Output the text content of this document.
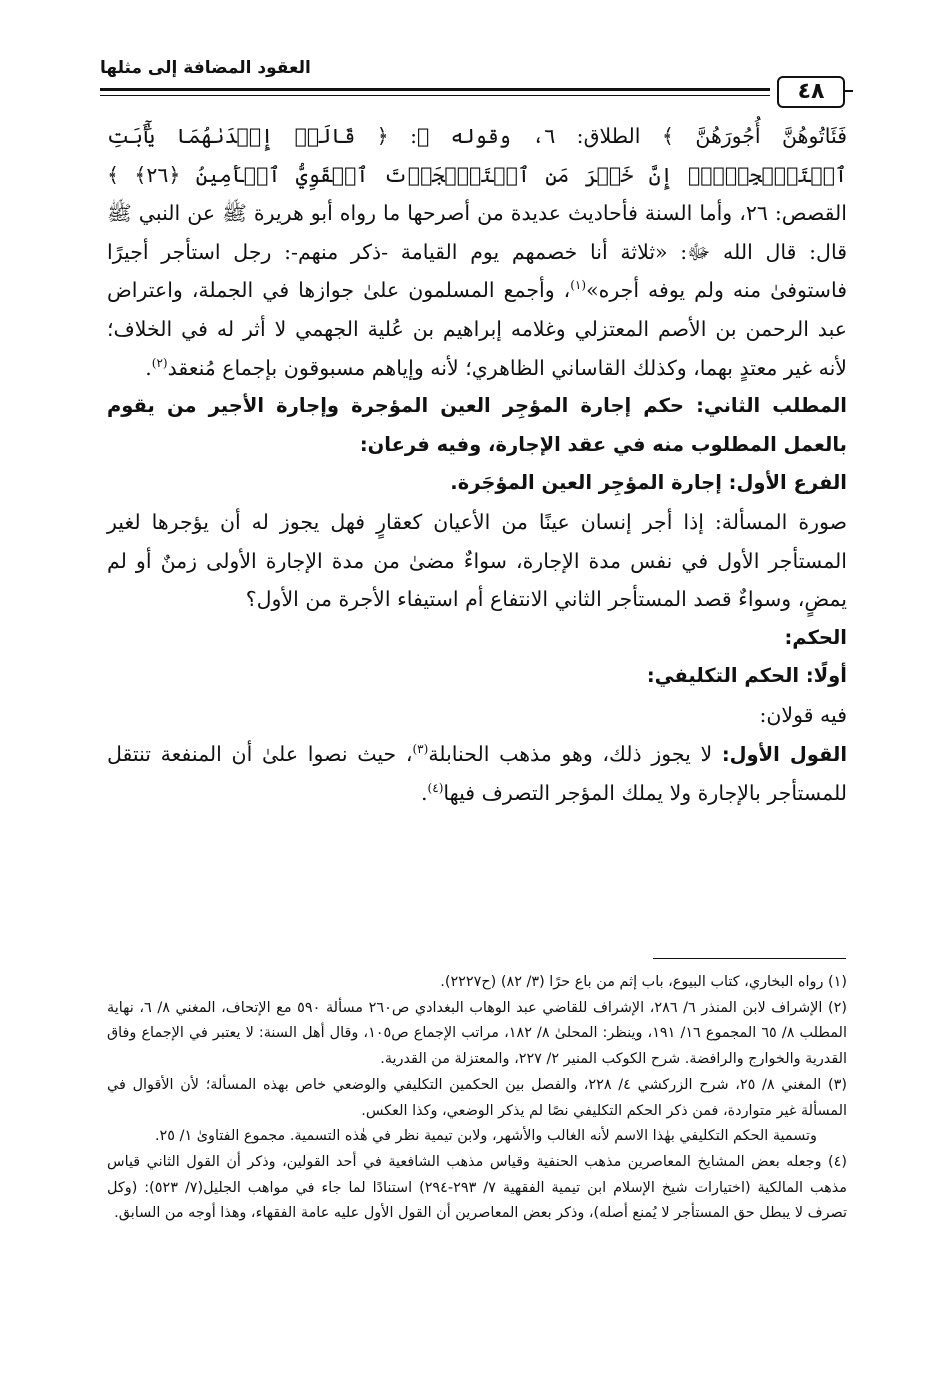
العقود المضافة إلى مثلها
٤٨

فَئَاتُوهُنَّ أُجُورَهُنَّ ﴾ الطلاق: ٦، وقوله ﷻ: ﴿ قَالَتۡ إِحۡدَىٰهُمَا يَٰٓأَبَتِ ٱسۡتَـٔۡجِرۡهُۖ إِنَّ خَيۡرَ مَنِ ٱسۡتَـٔۡجَرۡتَ ٱلۡقَوِيُّ ٱلۡأَمِينُ ﴿٢٦﴾ ﴾ القصص: ٢٦، وأما السنة فأحاديث عديدة من أصرحها ما رواه أبو هريرة ﷺ عن النبي ﷺ قال: قال الله ﷻ: «ثلاثة أنا خصمهم يوم القيامة -ذكر منهم-: رجل استأجر أجيرًا فاستوفىٰ منه ولم يوفه أجره»$^{(١)}$، وأجمع المسلمون علىٰ جوازها في الجملة، واعتراض عبد الرحمن بن الأصم المعتزلي وغلامه إبراهيم بن عُلية الجهمي لا أثر له في الخلاف؛ لأنه غير معتدٍ بهما، وكذلك القاساني الظاهري؛ لأنه وإياهم مسبوقون بإجماع مُنعقد$^{(٢)}$.

المطلب الثاني: حكم إجارة المؤجِر العين المؤجرة وإجارة الأجير من يقوم بالعمل المطلوب منه في عقد الإجارة، وفيه فرعان:

الفرع الأول: إجارة المؤجِر العين المؤجَرة.

صورة المسألة: إذا أجر إنسان عينًا من الأعيان كعقارٍ فهل يجوز له أن يؤجرها لغير المستأجر الأول في نفس مدة الإجارة، سواءٌ مضىٰ من مدة الإجارة الأولى زمنٌ أو لم يمضٍ، وسواءٌ قصد المستأجر الثاني الانتفاع أم استيفاء الأجرة من الأول؟

الحكم:

أولًا: الحكم التكليفي:

فيه قولان:

القول الأول: لا يجوز ذلك، وهو مذهب الحنابلة$^{(٣)}$، حيث نصوا علىٰ أن المنفعة تنتقل للمستأجر بالإجارة ولا يملك المؤجر التصرف فيها$^{(٤)}$.

(١) رواه البخاري، كتاب البيوع، باب إثم من باع حرًا (٣/ ٨٢) (ح٢٢٢٧).

(٢) الإشراف لابن المنذر ٦/ ٢٨٦، الإشراف للقاضي عبد الوهاب البغدادي ص٢٦٠ مسألة ٥٩٠ مع الإتحاف، المغني ٨/ ٦، نهاية المطلب ٨/ ٦٥ المجموع ١٦/ ١٩١، وينظر: المحلىٰ ٨/ ١٨٢، مراتب الإجماع ص١٠٥، وقال أهل السنة: لا يعتبر في الإجماع وفاق القدرية والخوارج والرافضة. شرح الكوكب المنير ٢/ ٢٢٧، والمعتزلة من القدرية.

(٣) المغني ٨/ ٢٥، شرح الزركشي ٤/ ٢٢٨، والفصل بين الحكمين التكليفي والوضعي خاص بهذه المسألة؛ لأن الأقوال في المسألة غير متواردة، فمن ذكر الحكم التكليفي نصًا لم يذكر الوضعي، وكذا العكس.

وتسمية الحكم التكليفي بهٰذا الاسم لأنه الغالب والأشهر، ولابن تيمية نظر في هٰذه التسمية. مجموع الفتاوىٰ ١/ ٢٥.

(٤) وجعله بعض المشايخ المعاصرين مذهب الحنفية وقياس مذهب الشافعية في أحد القولين، وذكر أن القول الثاني قياس مذهب المالكية (اختيارات شيخ الإسلام ابن تيمية الفقهية ٧/ ٢٩٣-٢٩٤) استنادًا لما جاء في مواهب الجليل(٧/ ٥٢٣): (وكل تصرف لا يبطل حق المستأجر لا يُمنع أصله)، وذكر بعض المعاصرين أن القول الأول عليه عامة الفقهاء، وهذا أوجه من السابق.
